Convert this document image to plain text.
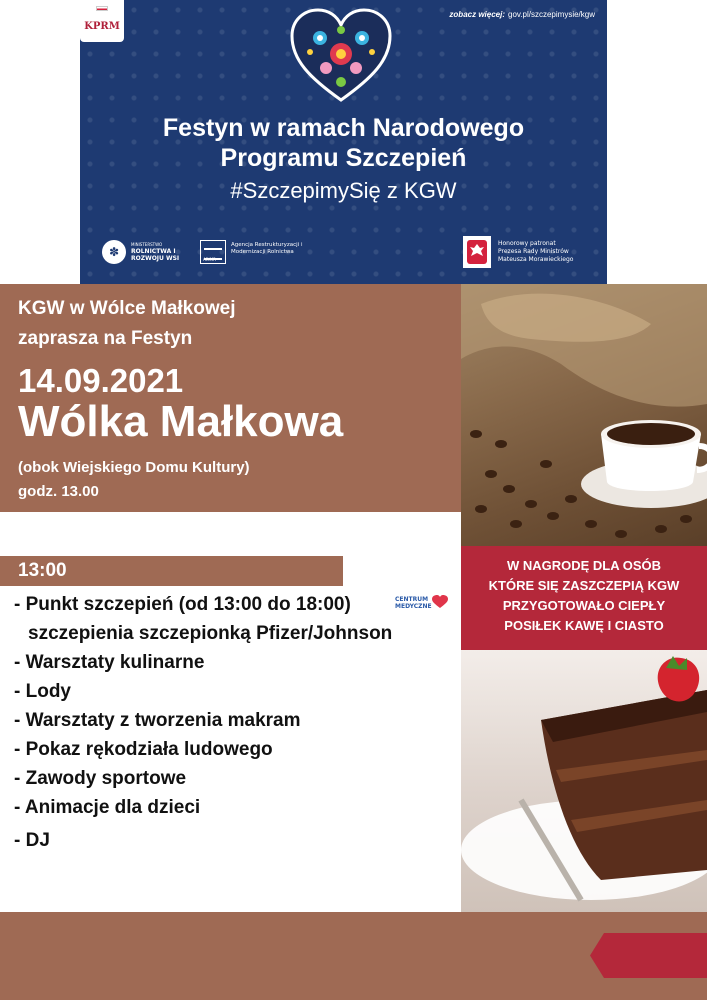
zobacz więcej: gov.pl/szczepimysie/kgw
Festyn w ramach Narodowego
Programu Szczepień
#SzczepimySię z KGW
✽
MINISTERSTWO
ROLNICTWA I ROZWOJU WSI	ARiMR
Agencja Restrukturyzacji i Modernizacji Rolnictwa
Honorowy patronat
Prezesa Rady Ministrów
Mateusza Morawieckiego
KPRM
KGW w Wólce Małkowej
zaprasza na Festyn
14.09.2021
Wólka Małkowa
(obok Wiejskiego Domu Kultury)
godz. 13.00
W NAGRODĘ DLA OSÓB
KTÓRE SIĘ ZASZCZEPIĄ KGW
PRZYGOTOWAŁO CIEPŁY
POSIŁEK KAWĘ I CIASTO
13:00
- Punkt szczepień (od 13:00 do 18:00)
szczepienia szczepionką Pfizer/Johnson
- Warsztaty kulinarne
- Lody
- Warsztaty z tworzenia makram
- Pokaz rękodziała ludowego
- Zawody sportowe
- Animacje dla dzieci
- DJ
CENTRUM
MEDYCZNE
